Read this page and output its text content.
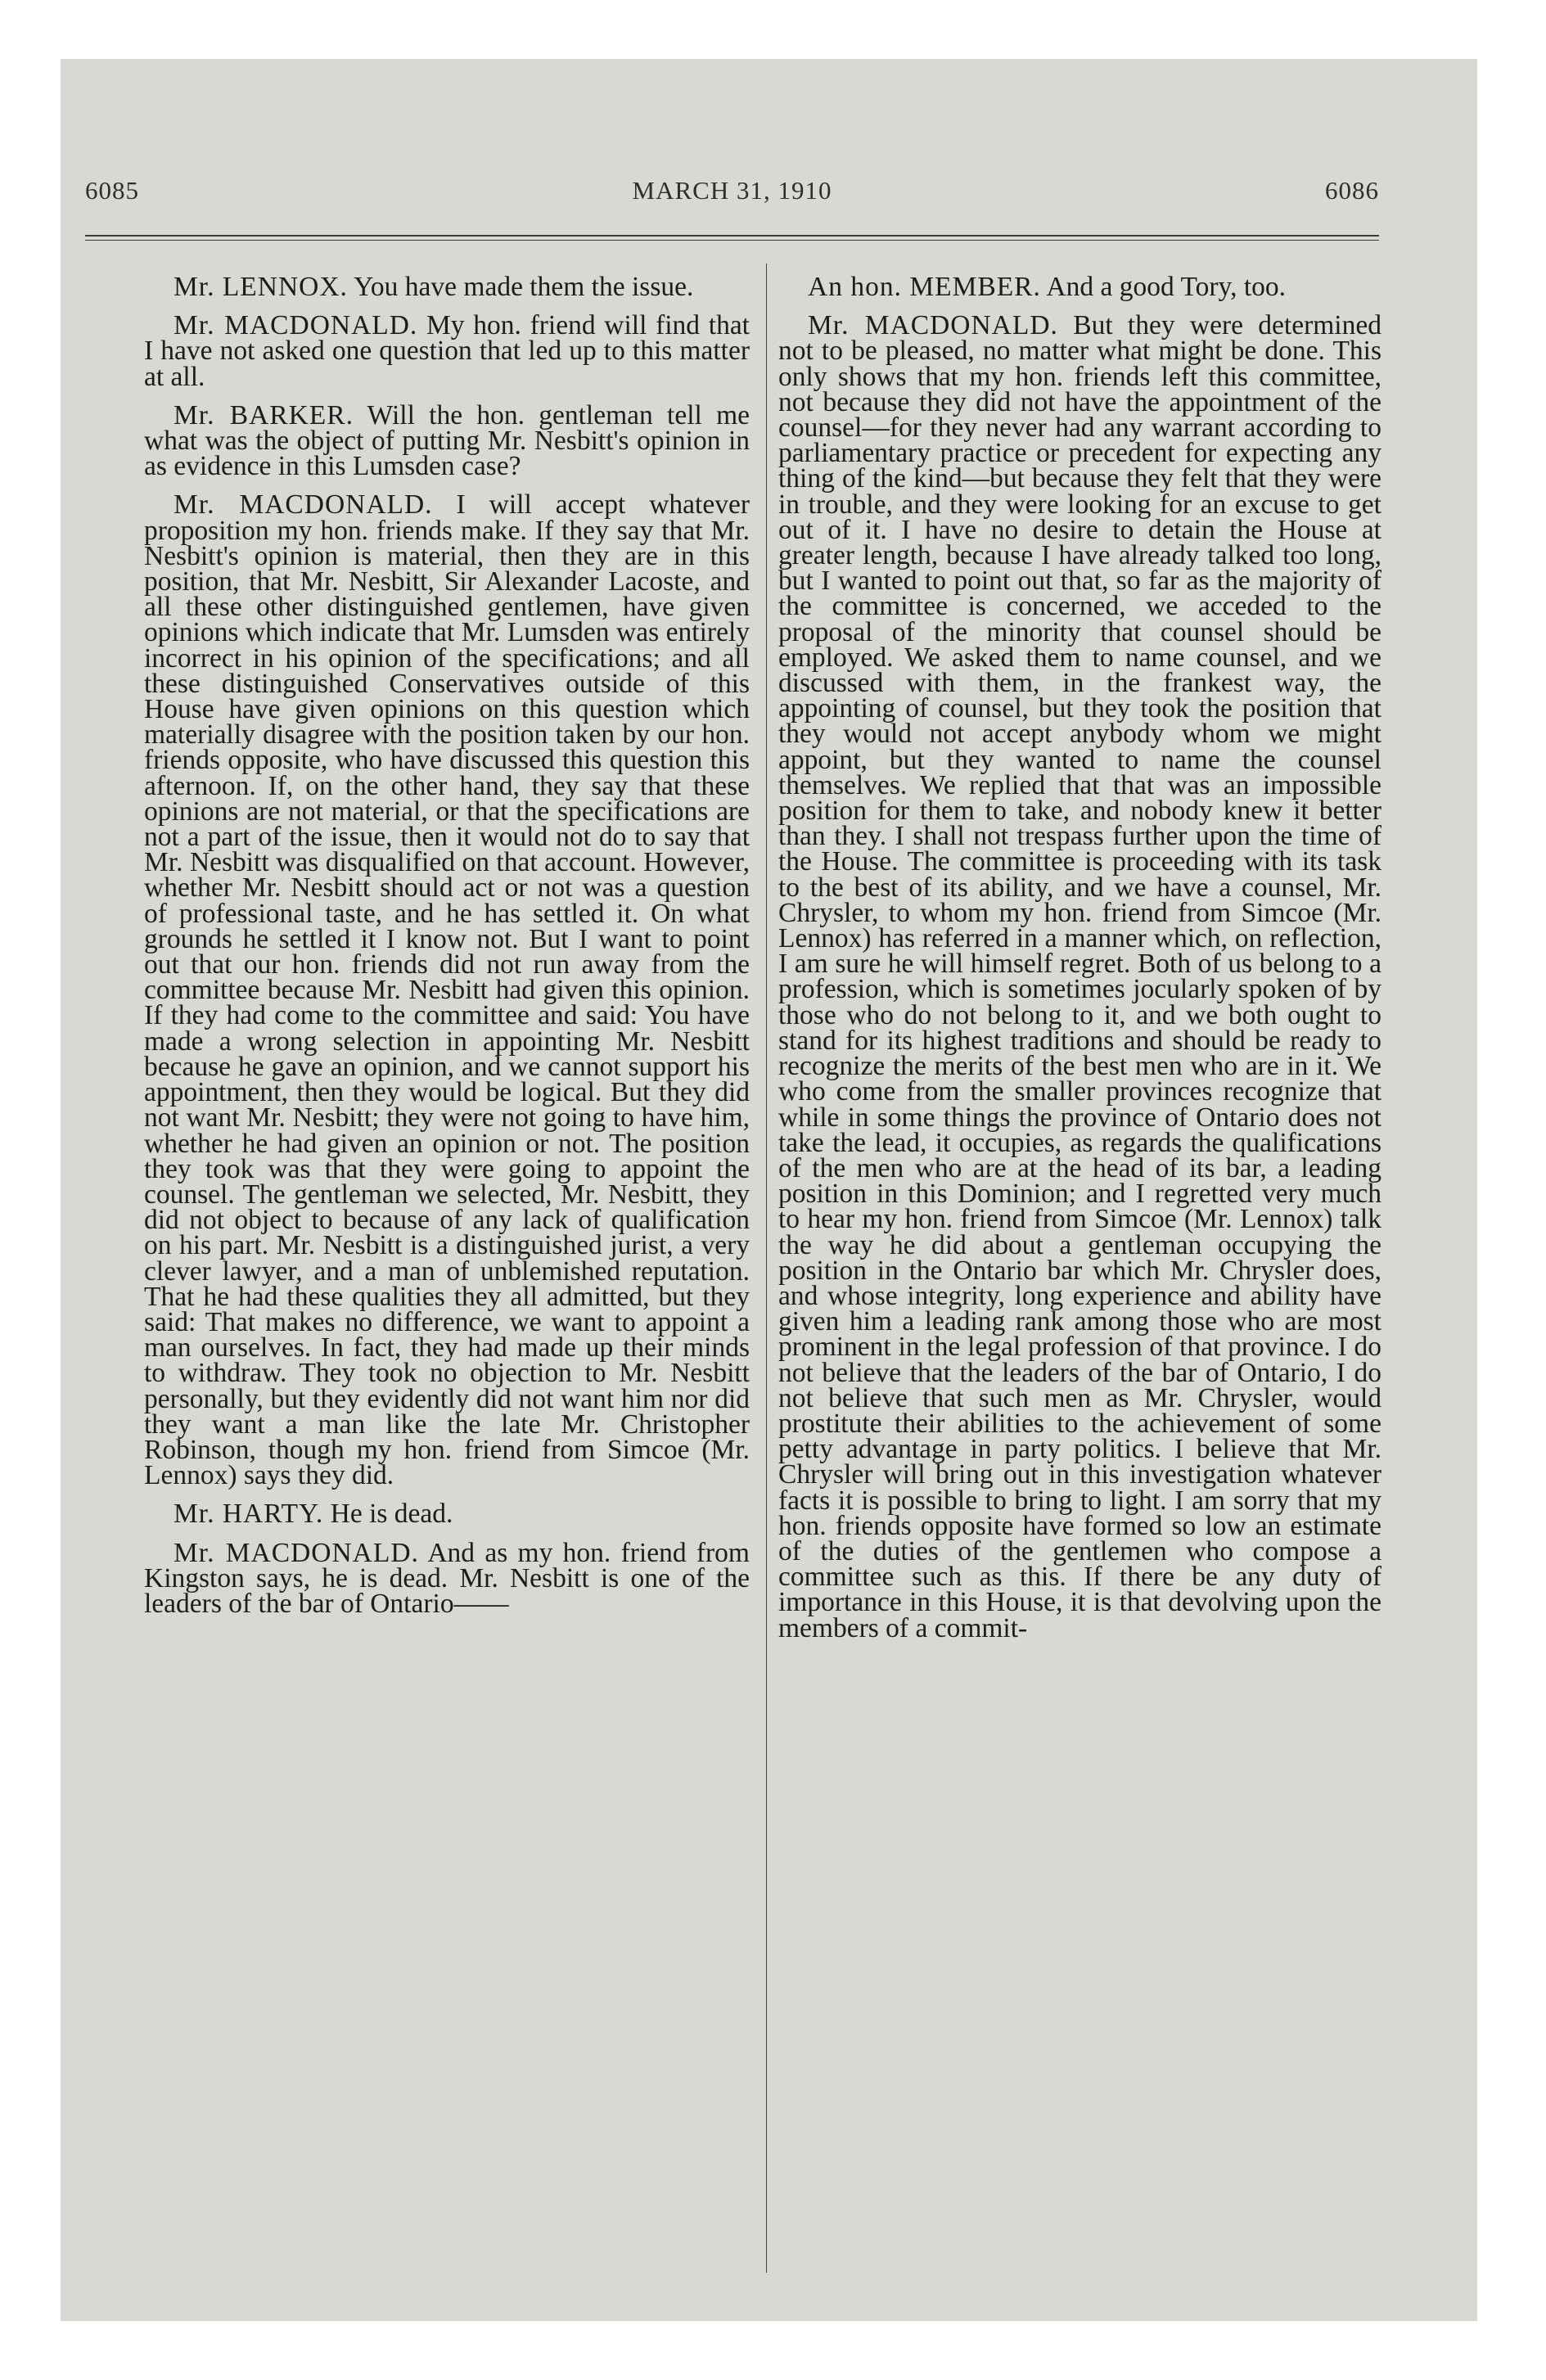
6085	MARCH 31, 1910	6086

Mr. LENNOX. You have made them the issue.

Mr. MACDONALD. My hon. friend will find that I have not asked one question that led up to this matter at all.

Mr. BARKER. Will the hon. gentleman tell me what was the object of putting Mr. Nesbitt's opinion in as evidence in this Lumsden case?

Mr. MACDONALD. I will accept whatever proposition my hon. friends make. If they say that Mr. Nesbitt's opinion is material, then they are in this position, that Mr. Nesbitt, Sir Alexander Lacoste, and all these other distinguished gentlemen, have given opinions which indicate that Mr. Lumsden was entirely incorrect in his opinion of the specifications; and all these distinguished Conservatives outside of this House have given opinions on this question which materially disagree with the position taken by our hon. friends opposite, who have discussed this question this afternoon. If, on the other hand, they say that these opinions are not material, or that the specifications are not a part of the issue, then it would not do to say that Mr. Nesbitt was disqualified on that account. However, whether Mr. Nesbitt should act or not was a question of professional taste, and he has settled it. On what grounds he settled it I know not. But I want to point out that our hon. friends did not run away from the committee because Mr. Nesbitt had given this opinion. If they had come to the committee and said: You have made a wrong selection in appointing Mr. Nesbitt because he gave an opinion, and we cannot support his appointment, then they would be logical. But they did not want Mr. Nesbitt; they were not going to have him, whether he had given an opinion or not. The position they took was that they were going to appoint the counsel. The gentleman we selected, Mr. Nesbitt, they did not object to because of any lack of qualification on his part. Mr. Nesbitt is a distinguished jurist, a very clever lawyer, and a man of unblemished reputation. That he had these qualities they all admitted, but they said: That makes no difference, we want to appoint a man ourselves. In fact, they had made up their minds to withdraw. They took no objection to Mr. Nesbitt personally, but they evidently did not want him nor did they want a man like the late Mr. Christopher Robinson, though my hon. friend from Simcoe (Mr. Lennox) says they did.

Mr. HARTY. He is dead.

Mr. MACDONALD. And as my hon. friend from Kingston says, he is dead. Mr. Nesbitt is one of the leaders of the bar of Ontario——

An hon. MEMBER. And a good Tory, too.

Mr. MACDONALD. But they were determined not to be pleased, no matter what might be done. This only shows that my hon. friends left this committee, not because they did not have the appointment of the counsel—for they never had any warrant according to parliamentary practice or precedent for expecting any thing of the kind—but because they felt that they were in trouble, and they were looking for an excuse to get out of it. I have no desire to detain the House at greater length, because I have already talked too long, but I wanted to point out that, so far as the majority of the committee is concerned, we acceded to the proposal of the minority that counsel should be employed. We asked them to name counsel, and we discussed with them, in the frankest way, the appointing of counsel, but they took the position that they would not accept anybody whom we might appoint, but they wanted to name the counsel themselves. We replied that that was an impossible position for them to take, and nobody knew it better than they. I shall not trespass further upon the time of the House. The committee is proceeding with its task to the best of its ability, and we have a counsel, Mr. Chrysler, to whom my hon. friend from Simcoe (Mr. Lennox) has referred in a manner which, on reflection, I am sure he will himself regret. Both of us belong to a profession, which is sometimes jocularly spoken of by those who do not belong to it, and we both ought to stand for its highest traditions and should be ready to recognize the merits of the best men who are in it. We who come from the smaller provinces recognize that while in some things the province of Ontario does not take the lead, it occupies, as regards the qualifications of the men who are at the head of its bar, a leading position in this Dominion; and I regretted very much to hear my hon. friend from Simcoe (Mr. Lennox) talk the way he did about a gentleman occupying the position in the Ontario bar which Mr. Chrysler does, and whose integrity, long experience and ability have given him a leading rank among those who are most prominent in the legal profession of that province. I do not believe that the leaders of the bar of Ontario, I do not believe that such men as Mr. Chrysler, would prostitute their abilities to the achievement of some petty advantage in party politics. I believe that Mr. Chrysler will bring out in this investigation whatever facts it is possible to bring to light. I am sorry that my hon. friends opposite have formed so low an estimate of the duties of the gentlemen who compose a committee such as this. If there be any duty of importance in this House, it is that devolving upon the members of a commit-
